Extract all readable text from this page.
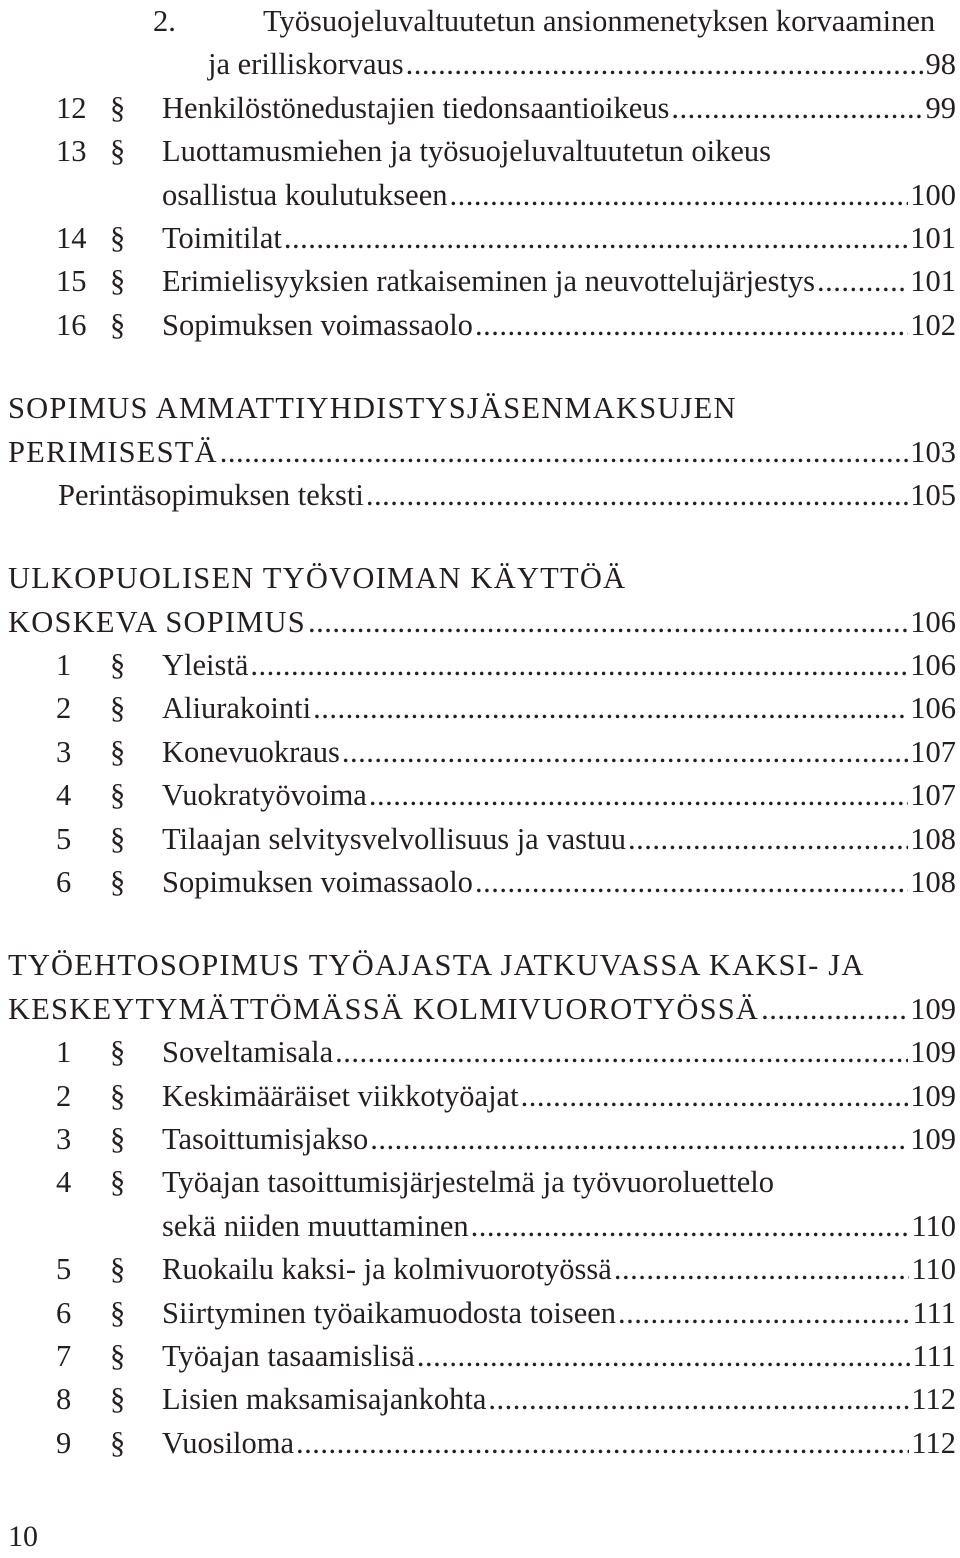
2.	Työsuojeluvaltuutetun ansionmenetyksen korvaaminen
ja erilliskorvaus .....	98
12 §	Henkilöstönedustajien tiedonsaantioikeus .....	99
13 §	Luottamusmiehen ja työsuojeluvaltuutetun oikeus
osallistua koulutukseen .....	100
14 §	Toimitilat .....	101
15 §	Erimielisyyksien ratkaiseminen ja neuvottelujärjestys .....	101
16 §	Sopimuksen voimassaolo .....	102
SOPIMUS AMMATTIYHDISTYSJÄSENMAKSUJEN
PERIMISESTÄ .....	103
Perintäsopimuksen teksti .....	105
ULKOPUOLISEN TYÖVOIMAN KÄYTTÖÄ
KOSKEVA SOPIMUS .....	106
1	§	Yleistä .....	106
2	§	Aliurakointi .....	106
3	§	Konevuokraus .....	107
4	§	Vuokratyövoima .....	107
5	§	Tilaajan selvitysvelvollisuus ja vastuu .....	108
6	§	Sopimuksen voimassaolo .....	108
TYÖEHTOSOPIMUS TYÖAJASTA JATKUVASSA KAKSI- JA
KESKEYTYMÄTTÖMÄSSÄ KOLMIVUOROTYÖSSÄ .....	109
1	§	Soveltamisala .....	109
2	§	Keskimääräiset viikkotyöajat .....	109
3	§	Tasoittumisjakso .....	109
4	§	Työajan tasoittumisjärjestelmä ja työvuoroluettelo
sekä niiden muuttaminen .....	110
5	§	Ruokailu kaksi- ja kolmivuorotyössä .....	110
6	§	Siirtyminen työaikamuodosta toiseen .....	111
7	§	Työajan tasaamislisä .....	111
8	§	Lisien maksamisajankohta .....	112
9	§	Vuosiloma .....	112
10
